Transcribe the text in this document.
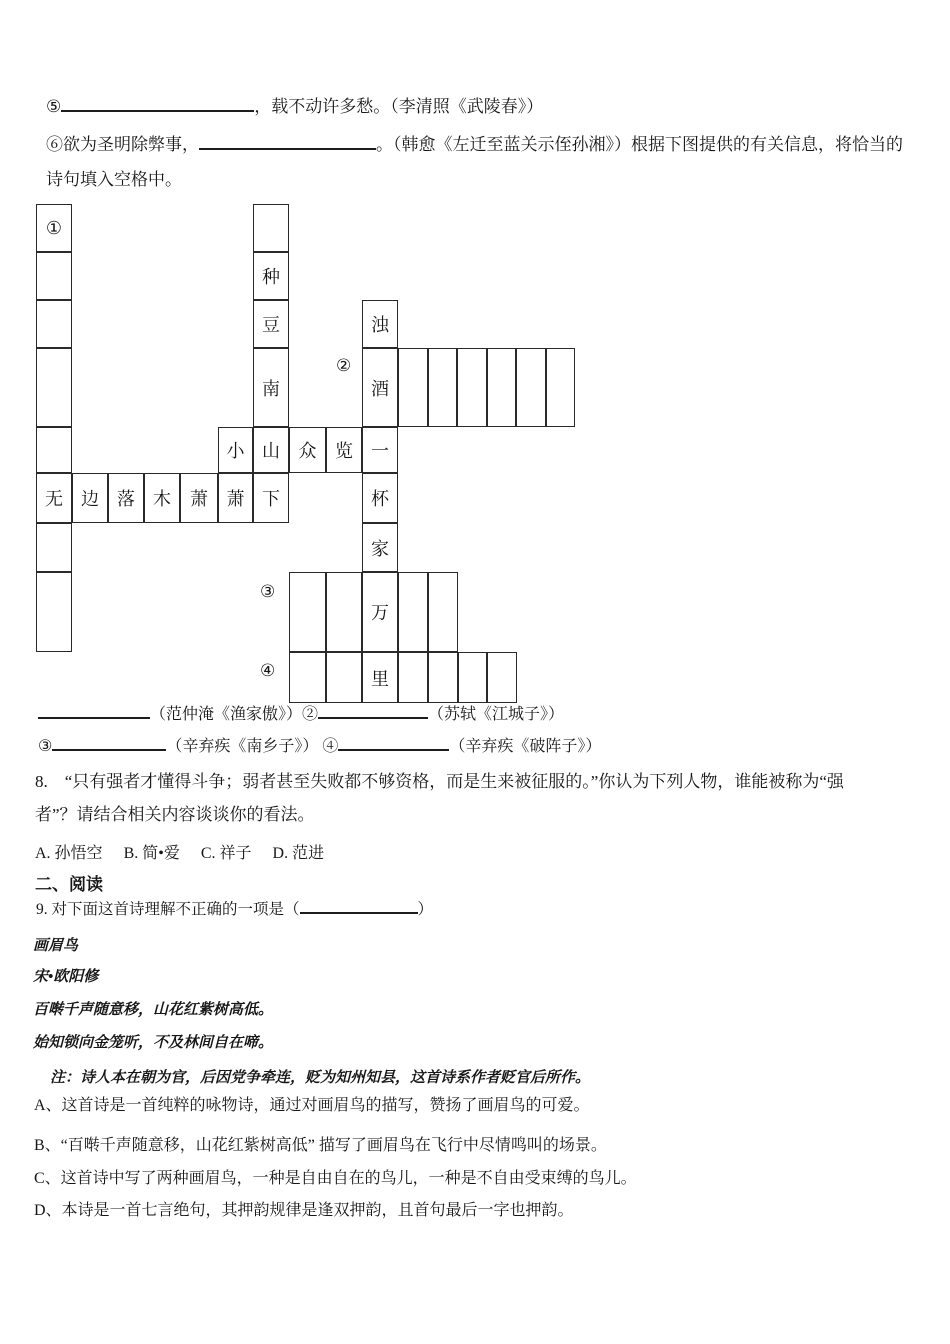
⑤	，载不动许多愁。（李清照《武陵春》）
⑥欲为圣明除弊事，	。（韩愈《左迁至蓝关示侄孙湘》）根据下图提供的有关信息，将恰当的
诗句填入空格中。
①
无 边 落 木 萧 萧 下
种
豆
南
山
小	众 览 一
浊
酒
杯
家
万
里
②
③
④
（范仲淹《渔家傲》）②	（苏轼《江城子》）
③	（辛弃疾《南乡子》） ④	（辛弃疾《破阵子》）
8.　“只有强者才懂得斗争；弱者甚至失败都不够资格，而是生来被征服的。”你认为下列人物，谁能被称为“强
者”？请结合相关内容谈谈你的看法。
A. 孙悟空 B. 简•爱 C. 祥子 D. 范进
二、阅读
9. 对下面这首诗理解不正确的一项是（	）
画眉鸟
宋•欧阳修
百啭千声随意移，山花红紫树高低。
始知锁向金笼听，不及林间自在啼。
　注：诗人本在朝为官，后因党争牵连，贬为知州知县，这首诗系作者贬官后所作。
A、这首诗是一首纯粹的咏物诗，通过对画眉鸟的描写，赞扬了画眉鸟的可爱。
B、“百啭千声随意移，山花红紫树高低” 描写了画眉鸟在飞行中尽情鸣叫的场景。
C、这首诗中写了两种画眉鸟，一种是自由自在的鸟儿，一种是不自由受束缚的鸟儿。
D、本诗是一首七言绝句，其押韵规律是逢双押韵，且首句最后一字也押韵。
